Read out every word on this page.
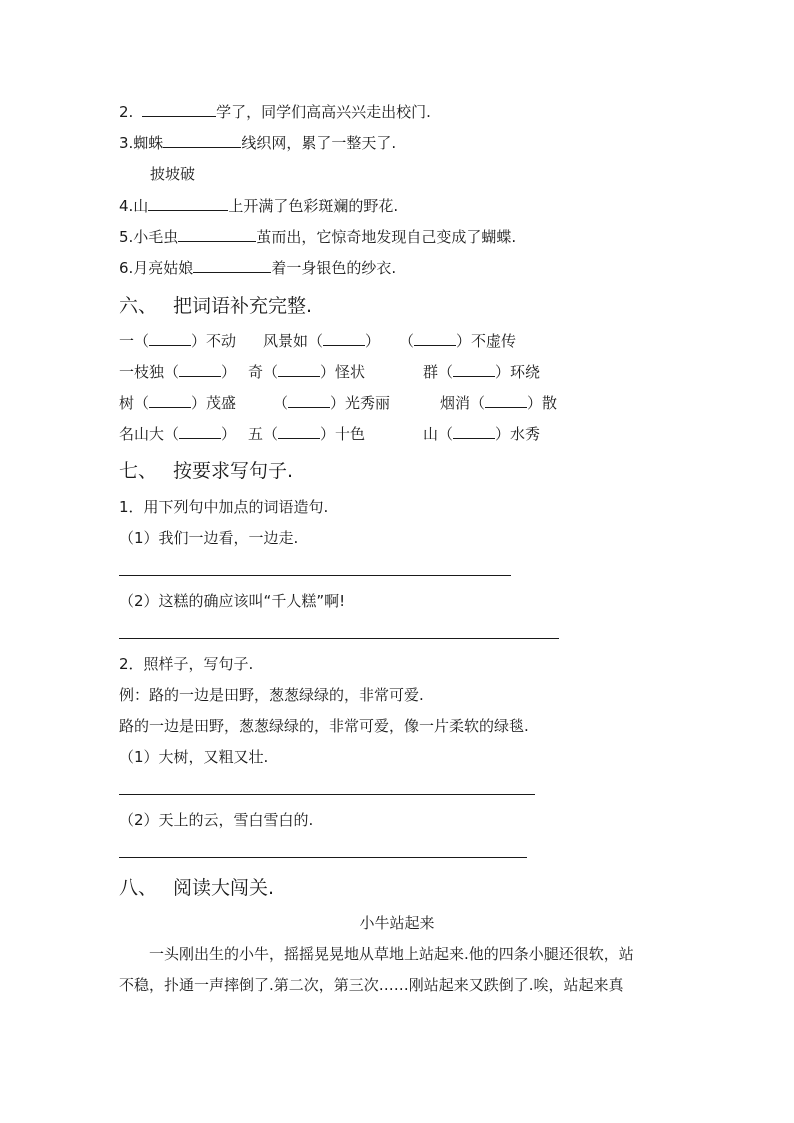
2.	学了，同学们高高兴兴走出校门.
3.蜘蛛	线织网，累了一整天了.
披坡破
4.山	上开满了色彩斑斓的野花.
5.小毛虫	茧而出，它惊奇地发现自己变成了蝴蝶.
6.月亮姑娘	着一身银色的纱衣.
六、 把词语补充完整.
一（	）不动 风景如（	） （	）不虚传
一枝独（	） 奇（	）怪状	群（	）环绕
树（	）茂盛 （	）光秀丽	烟消（	）散
名山大（	） 五（	）十色	山（	）水秀
七、 按要求写句子.
1．用下列句中加点的词语造句.
（1）我们一边看，一边走.
（2）这糕的确应该叫“千人糕”啊!
2．照样子，写句子.
例：路的一边是田野，葱葱绿绿的，非常可爱.
路的一边是田野，葱葱绿绿的，非常可爱，像一片柔软的绿毯.
（1）大树，又粗又壮.
（2）天上的云，雪白雪白的.
八、 阅读大闯关.
小牛站起来
一头刚出生的小牛，摇摇晃晃地从草地上站起来.他的四条小腿还很软，站
不稳，扑通一声摔倒了.第二次，第三次……刚站起来又跌倒了.唉，站起来真
